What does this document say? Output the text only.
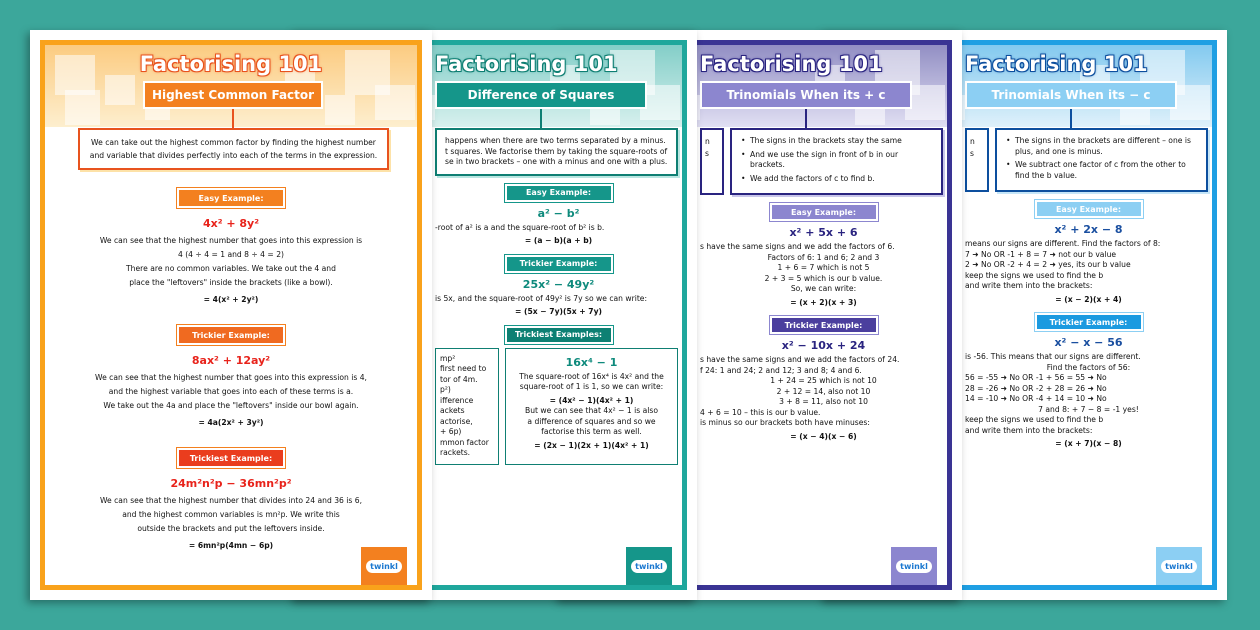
Highest Common Factor
Factorising 101
We can take out the highest common factor by finding the highest number
and variable that divides perfectly into each of the terms in the expression.
Easy Example:
4x² + 8y²
We can see that the highest number that goes into this expression is
4 (4 ÷ 4 = 1 and 8 ÷ 4 = 2)
There are no common variables. We take out the 4 and
place the "leftovers" inside the brackets (like a bowl).
= 4(x² + 2y²)
Trickier Example:
8ax² + 12ay²
We can see that the highest number that goes into this expression is 4,
and the highest variable that goes into each of these terms is a.
We take out the 4a and place the "leftovers" inside our bowl again.
= 4a(2x² + 3y²)
Trickiest Example:
24m²n²p − 36mn²p²
We can see that the highest number that divides into 24 and 36 is 6,
and the highest common variables is mn²p. We write this
outside the brackets and put the leftovers inside.
= 6mn²p(4mn − 6p)
twinkl
Difference of Squares
Factorising 101
happens when there are two terms separated by a minus.
t squares. We factorise them by taking the square-roots of
se in two brackets – one with a minus and one with a plus.
Easy Example:
a² − b²
-root of a² is a and the square-root of b² is b.
= (a − b)(a + b)
Trickier Example:
25x² − 49y²
is 5x, and the square-root of 49y² is 7y so we can write:
= (5x − 7y)(5x + 7y)
Trickiest Examples:
mp²
first need to
tor of 4m.
p²)
ifference
ackets
actorise,
+ 6p)
mmon factor
rackets.
16x⁴ − 1
The square-root of 16x⁴ is 4x² and the
square-root of 1 is 1, so we can write:
= (4x² − 1)(4x² + 1)
But we can see that 4x² − 1 is also
a difference of squares and so we
factorise this term as well.
= (2x − 1)(2x + 1)(4x² + 1)
twinkl
Trinomials When its + c
Factorising 101
n
s
• The signs in the brackets stay the same
• And we use the sign in front of b in our brackets.
• We add the factors of c to find b.
Easy Example:
x² + 5x + 6
s have the same signs and we add the factors of 6.
Factors of 6: 1 and 6; 2 and 3
1 + 6 = 7 which is not 5
2 + 3 = 5 which is our b value.
So, we can write:
= (x + 2)(x + 3)
Trickier Example:
x² − 10x + 24
s have the same signs and we add the factors of 24.
f 24: 1 and 24; 2 and 12; 3 and 8; 4 and 6.
1 + 24 = 25 which is not 10
2 + 12 = 14, also not 10
3 + 8 = 11, also not 10
4 + 6 = 10 – this is our b value.
is minus so our brackets both have minuses:
= (x − 4)(x − 6)
twinkl
Trinomials When its − c
Factorising 101
n
s
• The signs in the brackets are different – one is plus, and one is minus.
• We subtract one factor of c from the other to find the b value.
Easy Example:
x² + 2x − 8
means our signs are different. Find the factors of 8:
7 ➜ No OR -1 + 8 = 7 ➜ not our b value
2 ➜ No OR -2 + 4 = 2 ➜ yes, its our b value
keep the signs we used to find the b
and write them into the brackets:
= (x − 2)(x + 4)
Trickier Example:
x² − x − 56
is -56. This means that our signs are different.
Find the factors of 56:
56 = -55 ➜ No OR -1 + 56 = 55 ➜ No
28 = -26 ➜ No OR -2 + 28 = 26 ➜ No
14 = -10 ➜ No OR -4 + 14 = 10 ➜ No
7 and 8: + 7 − 8 = -1 yes!
keep the signs we used to find the b
and write them into the brackets:
= (x + 7)(x − 8)
twinkl
